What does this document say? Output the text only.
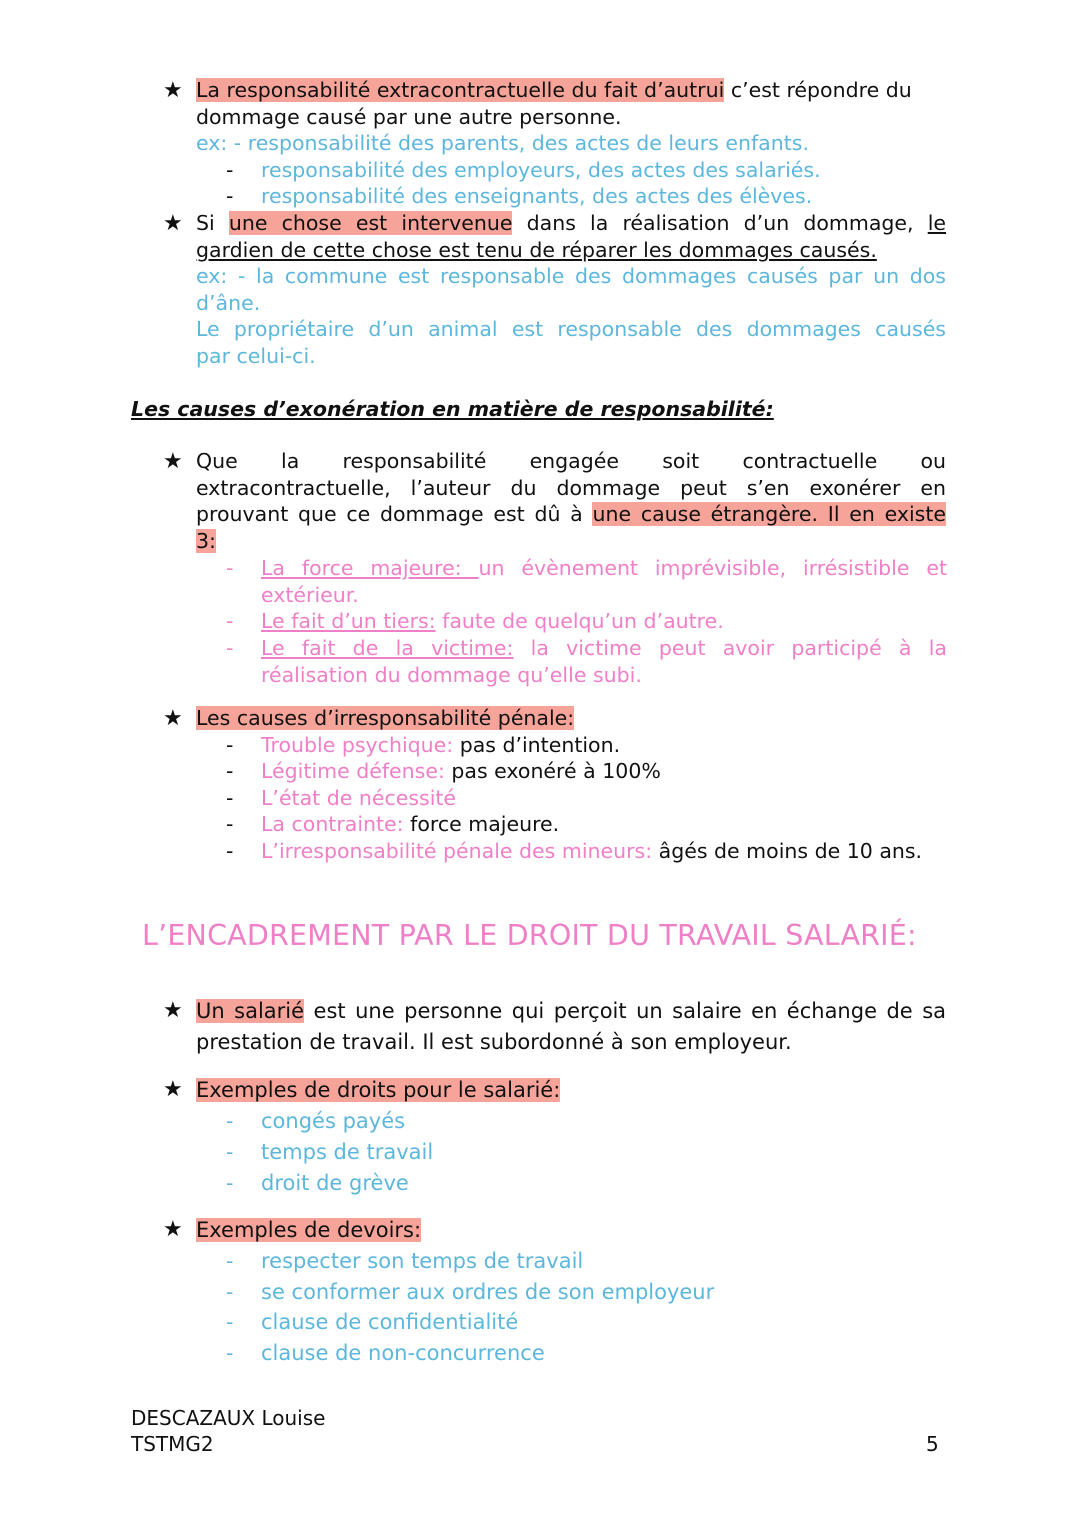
★ La responsabilité extracontractuelle du fait d’autrui c’est répondre du
dommage causé par une autre personne.
ex: - responsabilité des parents, des actes de leurs enfants.
- responsabilité des employeurs, des actes des salariés.
- responsabilité des enseignants, des actes des élèves.
★ Si une chose est intervenue dans la réalisation d’un dommage, le
gardien de cette chose est tenu de réparer les dommages causés.
ex: - la commune est responsable des dommages causés par un dos
d’âne.
Le propriétaire d’un animal est responsable des dommages causés
par celui-ci.
Les causes d’exonération en matière de responsabilité:
★ Que la responsabilité engagée soit contractuelle ou
extracontractuelle, l’auteur du dommage peut s’en exonérer en
prouvant que ce dommage est dû à une cause étrangère. Il en existe
3:
- La force majeure: un évènement imprévisible, irrésistible et
extérieur.
- Le fait d’un tiers: faute de quelqu’un d’autre.
- Le fait de la victime: la victime peut avoir participé à la
réalisation du dommage qu’elle subi.
★ Les causes d’irresponsabilité pénale:
- Trouble psychique: pas d’intention.
- Légitime défense: pas exonéré à 100%
- L’état de nécessité
- La contrainte: force majeure.
- L’irresponsabilité pénale des mineurs: âgés de moins de 10 ans.
L’ENCADREMENT PAR LE DROIT DU TRAVAIL SALARIÉ:
★ Un salarié est une personne qui perçoit un salaire en échange de sa
prestation de travail. Il est subordonné à son employeur.
★ Exemples de droits pour le salarié:
- congés payés
- temps de travail
- droit de grève
★ Exemples de devoirs:
- respecter son temps de travail
- se conformer aux ordres de son employeur
- clause de confidentialité
- clause de non-concurrence
DESCAZAUX Louise
TSTMG2	5
